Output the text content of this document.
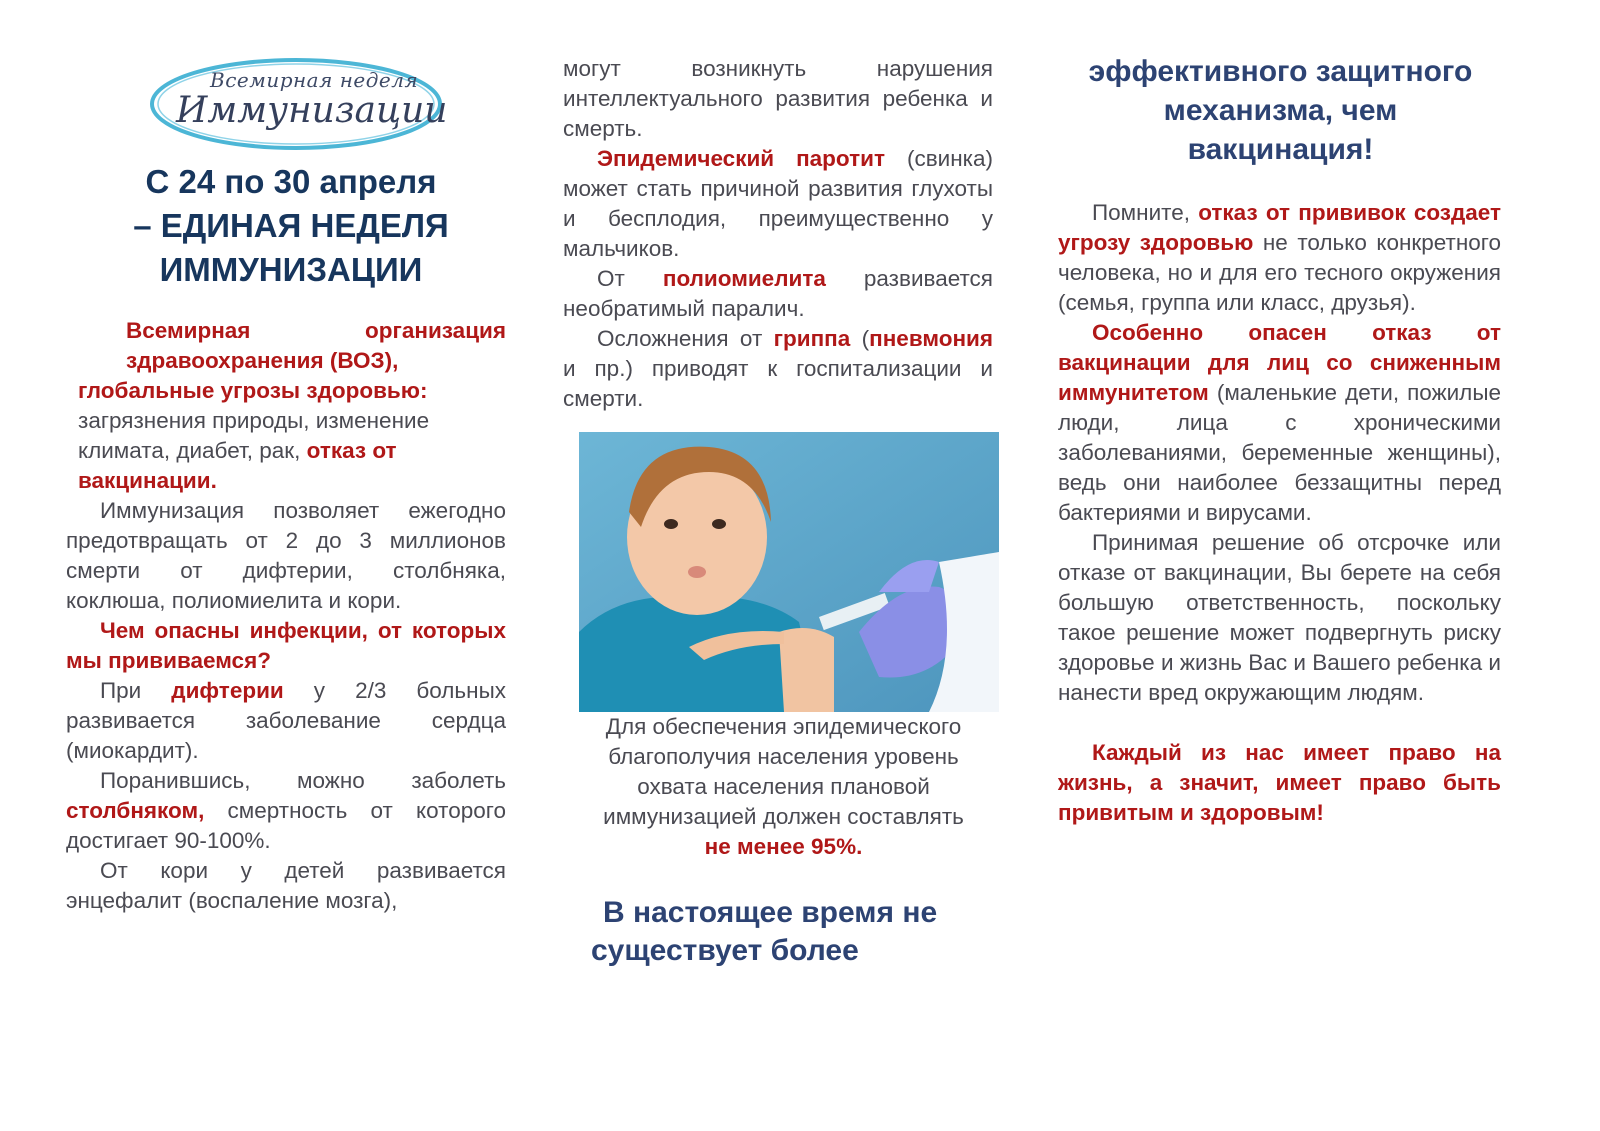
Всемирная неделя
Иммунизации
С 24 по 30 апреля
– ЕДИНАЯ НЕДЕЛЯ
ИММУНИЗАЦИИ
Всемирная	организация
здравоохранения (ВОЗ),
глобальные угрозы здоровью:
загрязнения природы, изменение климата, диабет, рак, отказ от вакцинации.

Иммунизация позволяет ежегодно предотвращать от 2 до 3 миллионов смерти от дифтерии, столбняка, коклюша, полиомиелита и кори.

Чем опасны инфекции, от которых мы прививаемся?

При дифтерии у 2/3 больных развивается заболевание сердца (миокардит).

Поранившись, можно заболеть столбняком, смертность от которого достигает 90-100%.

От кори у детей развивается энцефалит (воспаление мозга),

могут возникнуть нарушения интеллектуального развития ребенка и смерть.

Эпидемический паротит (свинка) может стать причиной развития глухоты и бесплодия, преимущественно у мальчиков.

От полиомиелита развивается необратимый паралич.

Осложнения от гриппа (пневмония и пр.) приводят к госпитализации и смерти.

Для обеспечения эпидемического благополучия населения уровень охвата населения плановой иммунизацией должен составлять
не менее 95%.
В настоящее время не
существует более
эффективного защитного
механизма, чем
вакцинация!

Помните, отказ от прививок создает угрозу здоровью не только конкретного человека, но и для его тесного окружения (семья, группа или класс, друзья).

Особенно опасен отказ от вакцинации для лиц со сниженным иммунитетом (маленькие дети, пожилые люди, лица с хроническими заболеваниями, беременные женщины), ведь они наиболее беззащитны перед бактериями и вирусами.

Принимая решение об отсрочке или отказе от вакцинации, Вы берете на себя большую ответственность, поскольку такое решение может подвергнуть риску здоровье и жизнь Вас и Вашего ребенка и нанести вред окружающим людям.

Каждый из нас имеет право на жизнь, а значит, имеет право быть привитым и здоровым!
